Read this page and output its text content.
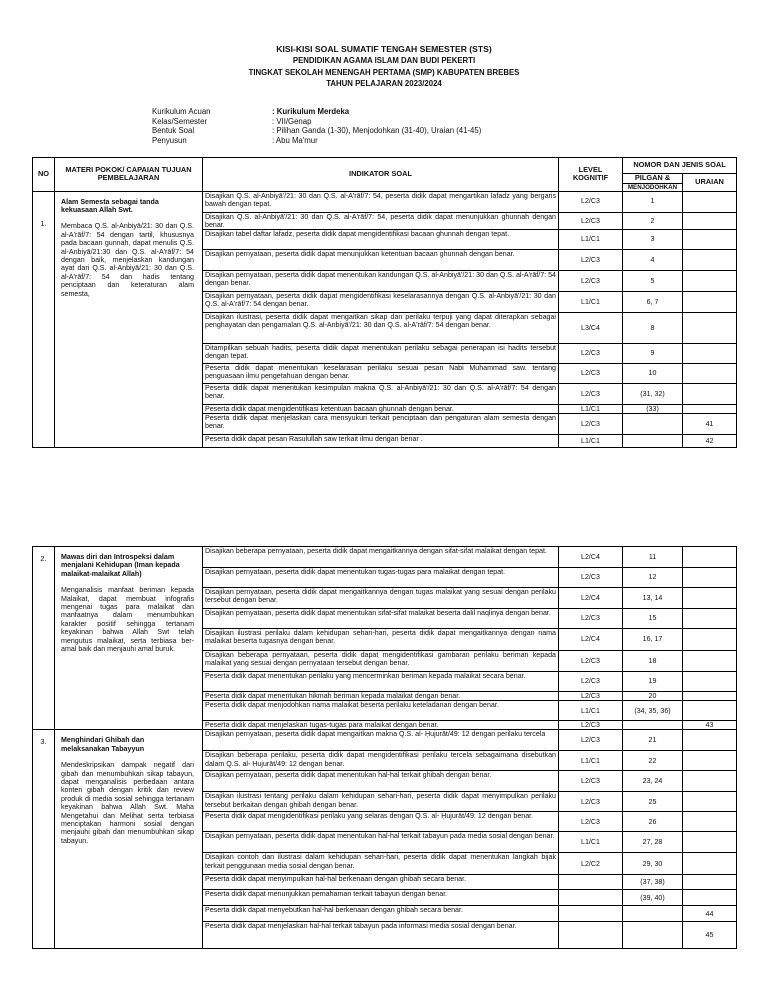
KISI-KISI SOAL SUMATIF TENGAH SEMESTER (STS)
PENDIDIKAN AGAMA ISLAM DAN BUDI PEKERTI
TINGKAT SEKOLAH MENENGAH PERTAMA (SMP) KABUPATEN BREBES
TAHUN PELAJARAN 2023/2024
Kurikulum Acuan	: Kurikulum Merdeka
Kelas/Semester	: VII/Genap
Bentuk Soal	: Pilihan Ganda (1-30), Menjodohkan (31-40), Uraian (41-45)
Penyusun	: Abu Ma'mur
NO	MATERI POKOK/ CAPAIAN TUJUAN PEMBELAJARAN	INDIKATOR SOAL	LEVEL KOGNITIF	NOMOR DAN JENIS SOAL	
				PILGAN &	URAIAN
				MENJODOHKAN	
1.	Alam Semesta sebagai tanda kekuasaan Allah Swt.
Membaca Q.S. al-Anbiyā/21: 30 dan Q.S. al-A'rāf/7: 54 dengan tartil, khususnya pada bacaan gunnah, dapat menulis Q.S. al-Anbiyā/21:30 dan Q.S. al-A'rāf/7: 54 dengan baik, menjelaskan kandungan ayat dari Q.S. al-Anbiyā/21: 30 dan Q.S. al-A'rāf/7: 54 dan hadis tentang penciptaan dan keteraturan alam semesta,	Disajikan Q.S. al-Anbiyā'/21: 30 dan Q.S. al-A'rāf/7: 54, peserta didik dapat mengartikan lafadz yang bergaris bawah dengan tepat.	L2/C3	1	
		Disajikan Q.S. al-Anbiyā'/21: 30 dan Q.S. al-A'rāf/7: 54, peserta didik dapat menunjukkan ghunnah dengan benar.	L2/C3	2	
		Disajikan tabel daftar lafadz, peserta didik dapat mengidentifikasi bacaan ghunnah dengan tepat.	L1/C1	3	
		Disajikan pernyataan, peserta didik dapat menunjukkan ketentuan bacaan ghunnah dengan benar.	L2/C3	4	
		Disajikan pernyataan, peserta didik dapat menentukan kandungan Q.S. al-Anbiyā'/21: 30 dan Q.S. al-A'rāf/7: 54 dengan benar.	L2/C3	5	
		Disajikan pernyataan, peserta didik dapat mengidentifikasi keselarasannya dengan Q.S. al-Anbiyā'/21: 30 dan Q.S. al-A'rāf/7: 54 dengan benar.	L1/C1	6, 7	
		Disajikan ilustrasi, peserta didik dapat mengaitkan sikap dan perilaku terpuji yang dapat diterapkan sebagai penghayatan dan pengamalan Q.S. al-Anbiyā'/21: 30 dan Q.S. al-A'rāf/7: 54 dengan benar.	L3/C4	8	
		Ditampilkan sebuah hadits, peserta didik dapat menentukan perilaku sebagai penerapan isi hadits tersebut dengan tepat.	L2/C3	9	
		Peserta didik dapat menentukan keselarasan perilaku sesuai pesan Nabi Muhammad saw. tentang penguasaan ilmu pengetahuan dengan benar.	L2/C3	10	
		Peserta didik dapat menentukan kesimpulan makna Q.S. al-Anbiyā'/21: 30 dan Q.S. al-A'rāf/7: 54 dengan benar.	L2/C3	(31, 32)	
		Peserta didik dapat mengidentifikasi ketentuan bacaan ghunnah dengan benar.	L1/C1	(33)	
		Peserta didik dapat menjelaskan cara mensyukuri terkait penciptaan dan pengaturan alam semesta dengan benar.	L2/C3		41
		Peserta didik dapat pesan Rasulullah saw terkait ilmu dengan benar .	L1/C1		42
2.	Mawas diri dan Introspeksi dalam menjalani Kehidupan (Iman kepada malaikat-malaikat Allah)
Menganalisis manfaat beriman kepada Malaikat, dapat membuat infografis mengenai tugas para malaikat dan manfaatnya dalam menumbuhkan karakter positif sehingga tertanam keyakinan bahwa Allah Swt telah mengutus malaikat, serta terbiasa ber-amal baik dan menjauhi amal buruk.	Disajikan beberapa pernyataan, peserta didik dapat mengaitkannya dengan sifat-sifat malaikat dengan tepat.	L2/C4	11	
		Disajikan pernyataan, peserta didik dapat menentukan tugas-tugas para malaikat dengan tepat.	L2/C3	12	
		Disajikan pernyataan, peserta didik dapat mengaitkannya dengan tugas malaikat yang sesuai dengan perilaku tersebut dengan benar.	L2/C4	13, 14	
		Disajikan pernyataan, peserta didik dapat menentukan sifat-sifat malaikat beserta dalil naqlinya dengan benar.	L2/C3	15	
		Disajikan ilustrasi perilaku dalam kehidupan sehari-hari, peserta didik dapat mengaitkannya dengan nama malaikat beserta tugasnya dengan benar.	L2/C4	16, 17	
		Disajikan beberapa pernyataan, peserta didik dapat mengidentifikasi gambaran perilaku beriman kepada malaikat yang sesuai dengan pernyataan tersebut dengan benar.	L2/C3	18	
		Peserta didik dapat menentukan perilaku yang mencerminkan beriman kepada malaikat secara benar.	L2/C3	19	
		Peserta didik dapat menentukan hikmah beriman kepada malaikat dengan benar.	L2/C3	20	
		Peserta didik dapat menjodohkan nama malaikat beserta perilaku keteladanan dengan benar.	L1/C1	(34, 35, 36)	
		Peserta didik dapat menjelaskan tugas-tugas para malaikat dengan benar.	L2/C3		43
3.	Menghindari Ghibah dan melaksanakan Tabayyun
Mendeskripsikan dampak negatif dari gibah dan menumbuhkan sikap tabayun, dapat menganalisis perbedaan antara konten gibah dengan kritik dan review produk di media sosial sehingga tertanam keyakinan bahwa Allah Swt. Maha Mengetahui dan Melihat serta terbiasa menciptakan harmoni sosial dengan menjauhi gibah dan menumbuhkan sikap tabayun.	Disajikan pernyataan, peserta didik dapat mengaitkan makna Q.S. al- Ḥujurāt/49: 12 dengan perilaku tercela	L2/C3	21	
		Disajikan beberapa perilaku, peserta didik dapat mengidentifikasi perilaku tercela sebagaimana disebutkan dalam Q.S. al- Ḥujurāt/49: 12 dengan benar.	L1/C1	22	
		Disajikan pernyataan, peserta didik dapat menentukan hal-hal terkait ghibah dengan benar.	L2/C3	23, 24	
		Disajikan ilustrasi tentang perilaku dalam kehidupan sehari-hari, peserta didik dapat menyimpulkan perilaku tersebut berkaitan dengan ghibah dengan benar.	L2/C3	25	
		Peserta didik dapat mengidentifikasi perilaku yang selaras dengan Q.S. al- Ḥujurāt/49: 12 dengan benar.	L2/C3	26	
		Disajikan pernyataan, peserta didik dapat menentukan hal-hal terkait tabayun pada media sosial dengan benar.	L1/C1	27, 28	
		Disajikan contoh dan ilustrasi dalam kehidupan sehari-hari, peserta didik dapat menentukan langkah bijak terkait penggunaan media sosial dengan benar.	L2/C2	29, 30	
		Peserta didik dapat menyimpulkan hal-hal berkenaan dengan ghibah secara benar.		(37, 38)	
		Peserta didik dapat menunjukkan pemahaman terkait tabayun dengan benar.		(39, 40)	
		Peserta didik dapat menyebutkan hal-hal berkenaan dengan ghibah secara benar.			44
		Peserta didik dapat menjelaskan hal-hal terkait tabayun pada informasi media sosial dengan benar.			45
